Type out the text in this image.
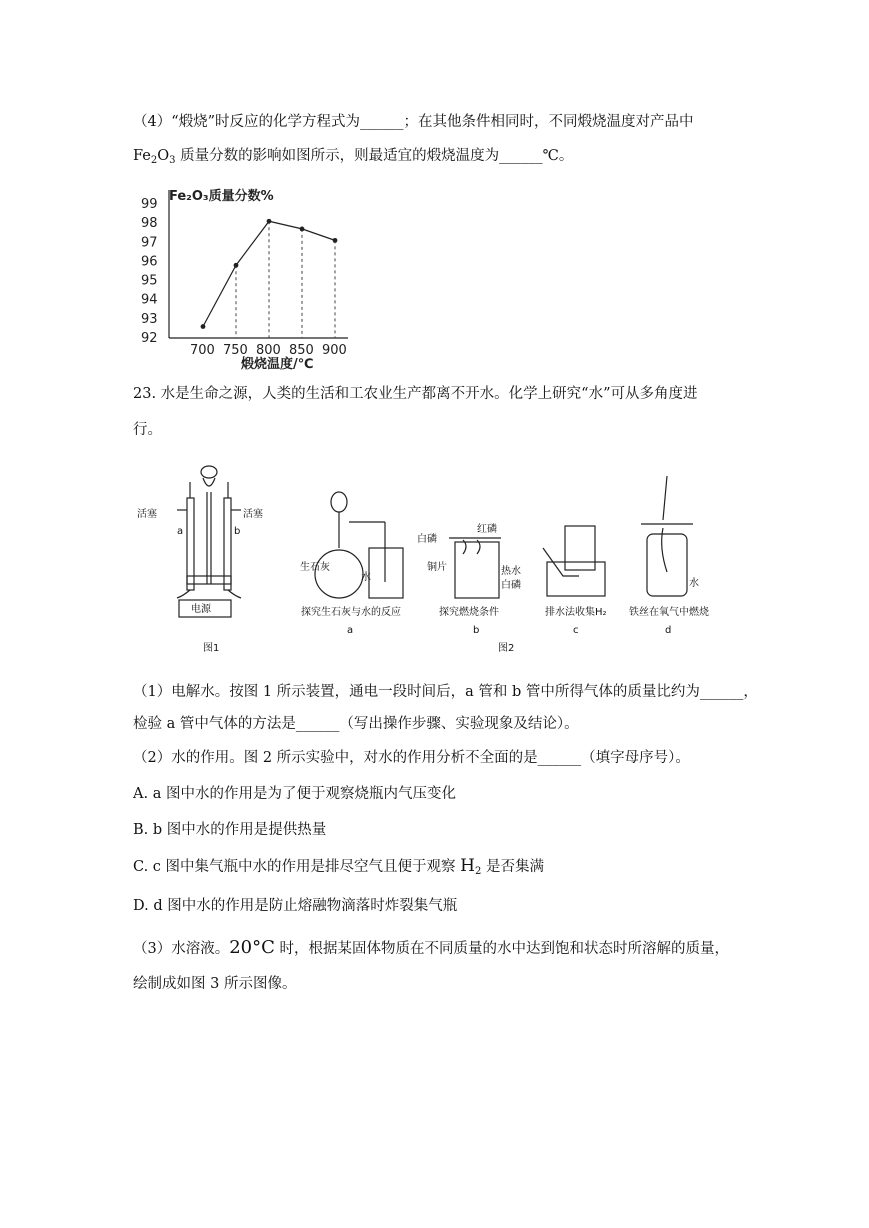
（4）“煅烧”时反应的化学方程式为______；在其他条件相同时，不同煅烧温度对产品中
$Fe_2O_3$ 质量分数的影响如图所示，则最适宜的煅烧温度为______℃。
Fe₂O₃质量分数%
92
93
94
95
96
97
98
99
700 750 800 850 900
煅烧温度/℃
23. 水是生命之源，人类的生活和工农业生产都离不开水。化学上研究“水”可从多角度进
行。
活塞	活塞
a	b
电源
图1
生石灰
水
探究生石灰与水的反应
a
红磷
白磷
铜片	热水
白磷
探究燃烧条件
b
排水法收集H₂
c
水
铁丝在氧气中燃烧
d
图2
（1）电解水。按图 1 所示装置，通电一段时间后，a 管和 b 管中所得气体的质量比约为______，
检验 a 管中气体的方法是______（写出操作步骤、实验现象及结论）。
（2）水的作用。图 2 所示实验中，对水的作用分析不全面的是______（填字母序号）。
A. a 图中水的作用是为了便于观察烧瓶内气压变化
B. b 图中水的作用是提供热量
C. c 图中集气瓶中水的作用是排尽空气且便于观察 $H_2$ 是否集满
D. d 图中水的作用是防止熔融物滴落时炸裂集气瓶
（3）水溶液。20°C 时，根据某固体物质在不同质量的水中达到饱和状态时所溶解的质量，
绘制成如图 3 所示图像。
